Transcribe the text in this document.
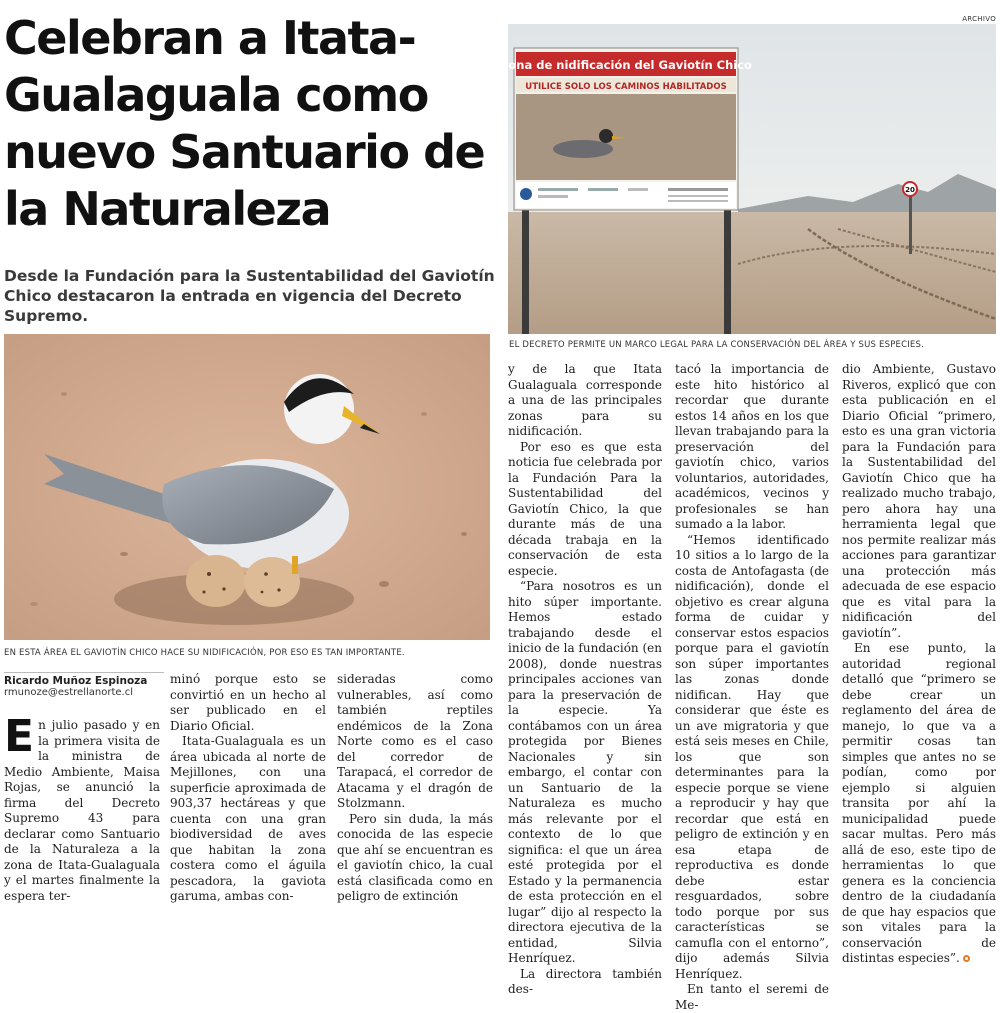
Celebran a Itata-Gualaguala como nuevo Santuario de la Naturaleza

Desde la Fundación para la Sustentabilidad del Gaviotín Chico destacaron la entrada en vigencia del Decreto Supremo.

ARCHIVO
Zona de nidificación del Gaviotín Chico
UTILICE SOLO LOS CAMINOS HABILITADOS
20
EL DECRETO PERMITE UN MARCO LEGAL PARA LA CONSERVACIÓN DEL ÁREA Y SUS ESPECIES.
EN ESTA ÁREA EL GAVIOTÍN CHICO HACE SU NIDIFICACIÓN, POR ESO ES TAN IMPORTANTE.
Ricardo Muñoz Espinoza
rmunoze@estrellanorte.cl

En julio pasado y en la primera visita de la ministra de Medio Ambiente, Maisa Rojas, se anunció la firma del Decreto Supremo 43 para declarar como Santuario de la Naturaleza a la zona de Itata-Gualaguala y el martes finalmente la espera ter-

minó porque esto se convirtió en un hecho al ser publicado en el Diario Oficial.

Itata-Gualaguala es un área ubicada al norte de Mejillones, con una superficie aproximada de 903,37 hectáreas y que cuenta con una gran biodiversidad de aves que habitan la zona costera como el águila pescadora, la gaviota garuma, ambas con-

sideradas como vulnerables, así como también reptiles endémicos de la Zona Norte como es el caso del corredor de Tarapacá, el corredor de Atacama y el dragón de Stolzmann.

Pero sin duda, la más conocida de las especie que ahí se encuentran es el gaviotín chico, la cual está clasificada como en peligro de extinción

y de la que Itata Gualaguala corresponde a una de las principales zonas para su nidificación.

Por eso es que esta noticia fue celebrada por la Fundación Para la Sustentabilidad del Gaviotín Chico, la que durante más de una década trabaja en la conservación de esta especie.

“Para nosotros es un hito súper importante. Hemos estado trabajando desde el inicio de la fundación (en 2008), donde nuestras principales acciones van para la preservación de la especie. Ya contábamos con un área protegida por Bienes Nacionales y sin embargo, el contar con un Santuario de la Naturaleza es mucho más relevante por el contexto de lo que significa: el que un área esté protegida por el Estado y la permanencia de esta protección en el lugar” dijo al respecto la directora ejecutiva de la entidad, Silvia Henríquez.

La directora también des-

tacó la importancia de este hito histórico al recordar que durante estos 14 años en los que llevan trabajando para la preservación del gaviotín chico, varios voluntarios, autoridades, académicos, vecinos y profesionales se han sumado a la labor.

“Hemos identificado 10 sitios a lo largo de la costa de Antofagasta (de nidificación), donde el objetivo es crear alguna forma de cuidar y conservar estos espacios porque para el gaviotín son súper importantes las zonas donde nidifican. Hay que considerar que éste es un ave migratoria y que está seis meses en Chile, los que son determinantes para la especie porque se viene a reproducir y hay que recordar que está en peligro de extinción y en esa etapa de reproductiva es donde debe estar resguardados, sobre todo porque por sus características se camufla con el entorno”, dijo además Silvia Henríquez.

En tanto el seremi de Me-

dio Ambiente, Gustavo Riveros, explicó que con esta publicación en el Diario Oficial “primero, esto es una gran victoria para la Fundación para la Sustentabilidad del Gaviotín Chico que ha realizado mucho trabajo, pero ahora hay una herramienta legal que nos permite realizar más acciones para garantizar una protección más adecuada de ese espacio que es vital para la nidificación del gaviotín”.

En ese punto, la autoridad regional detalló que “primero se debe crear un reglamento del área de manejo, lo que va a permitir cosas tan simples que antes no se podían, como por ejemplo si alguien transita por ahí la municipalidad puede sacar multas. Pero más allá de eso, este tipo de herramientas lo que genera es la conciencia dentro de la ciudadanía de que hay espacios que son vitales para la conservación de distintas especies”.
